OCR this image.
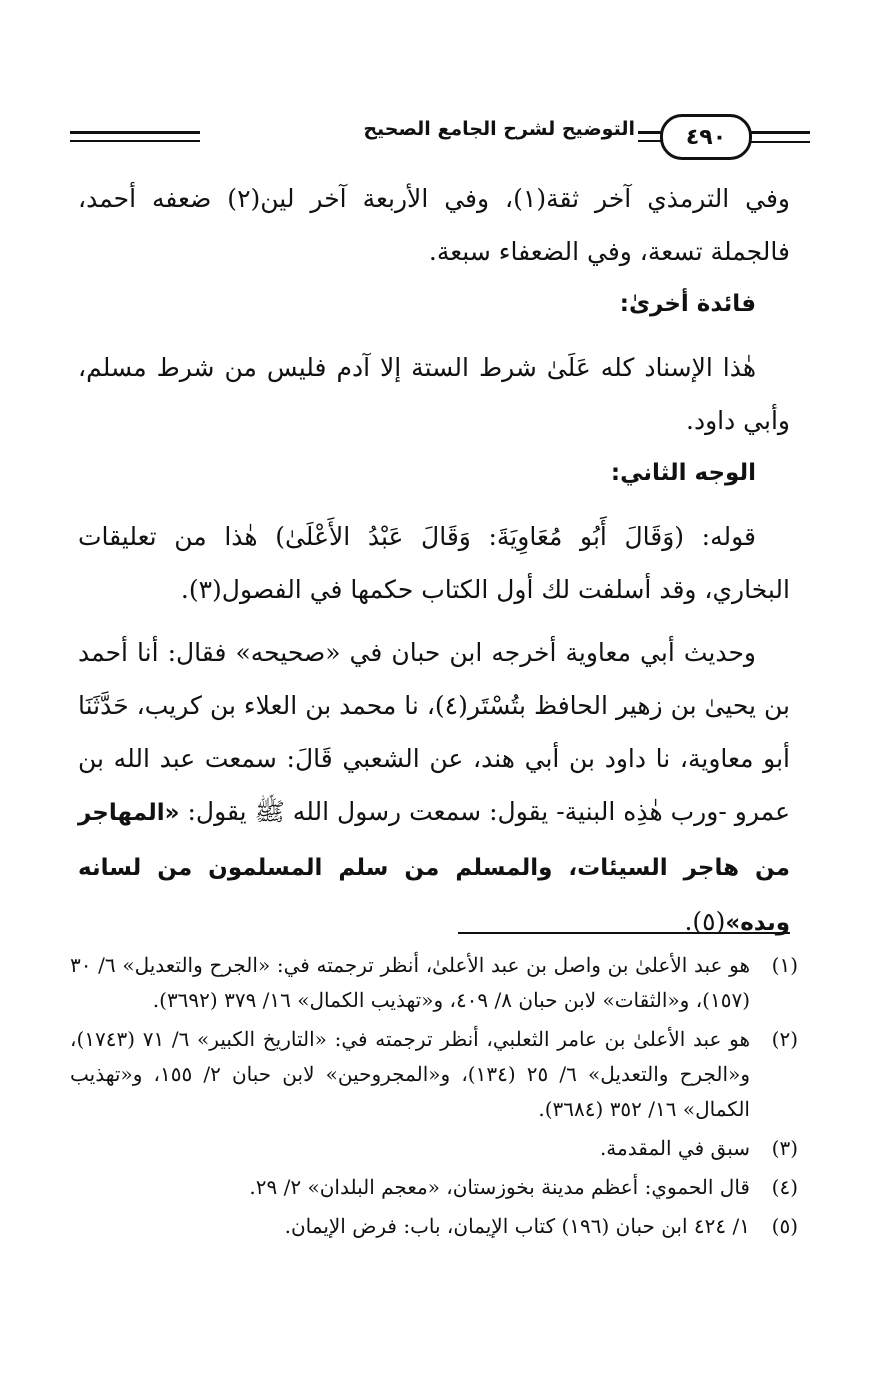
٤٩٠
التوضيح لشرح الجامع الصحيح

وفي الترمذي آخر ثقة(١)، وفي الأربعة آخر لين(٢) ضعفه أحمد، فالجملة تسعة، وفي الضعفاء سبعة.

فائدة أخرىٰ:

هٰذا الإسناد كله عَلَىٰ شرط الستة إلا آدم فليس من شرط مسلم، وأبي داود.

الوجه الثاني:

قوله: (وَقَالَ أَبُو مُعَاوِيَةَ: وَقَالَ عَبْدُ الأَعْلَىٰ) هٰذا من تعليقات البخاري، وقد أسلفت لك أول الكتاب حكمها في الفصول(٣).

وحديث أبي معاوية أخرجه ابن حبان في «صحيحه» فقال: أنا أحمد بن يحيىٰ بن زهير الحافظ بتُسْتَر(٤)، نا محمد بن العلاء بن كريب، حَدَّثَنَا أبو معاوية، نا داود بن أبي هند، عن الشعبي قَالَ: سمعت عبد الله بن عمرو -ورب هٰذِه البنية- يقول: سمعت رسول الله ﷺ يقول: «المهاجر من هاجر السيئات، والمسلم من سلم المسلمون من لسانه ويده»(٥).

(١)
هو عبد الأعلىٰ بن واصل بن عبد الأعلىٰ، أنظر ترجمته في: «الجرح والتعديل» ٦/ ٣٠ (١٥٧)، و«الثقات» لابن حبان ٨/ ٤٠٩، و«تهذيب الكمال» ١٦/ ٣٧٩ (٣٦٩٢).
(٢)
هو عبد الأعلىٰ بن عامر الثعلبي، أنظر ترجمته في: «التاريخ الكبير» ٦/ ٧١ (١٧٤٣)، و«الجرح والتعديل» ٦/ ٢٥ (١٣٤)، و«المجروحين» لابن حبان ٢/ ١٥٥، و«تهذيب الكمال» ١٦/ ٣٥٢ (٣٦٨٤).
(٣)
سبق في المقدمة.
(٤)
قال الحموي: أعظم مدينة بخوزستان، «معجم البلدان» ٢/ ٢٩.
(٥)
١/ ٤٢٤ ابن حبان (١٩٦) كتاب الإيمان، باب: فرض الإيمان.
